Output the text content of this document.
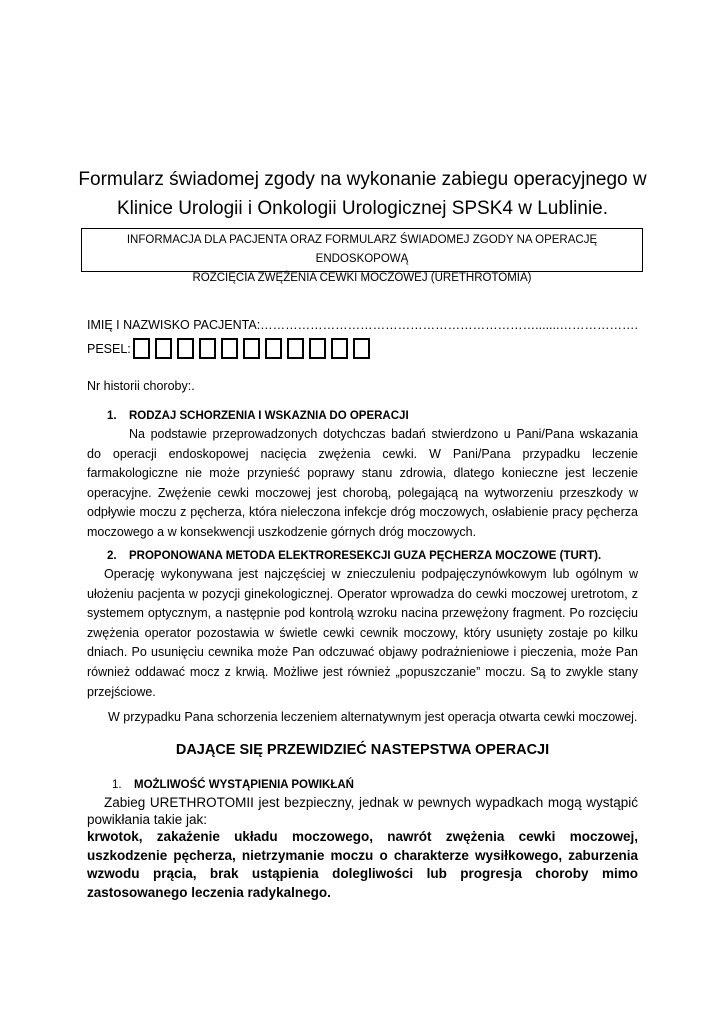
Formularz świadomej zgody na wykonanie zabiegu operacyjnego w
Klinice Urologii i Onkologii Urologicznej SPSK4 w Lublinie.
INFORMACJA DLA PACJENTA ORAZ FORMULARZ ŚWIADOMEJ ZGODY NA OPERACJĘ ENDOSKOPOWĄ
ROZCIĘCIA ZWĘŻENIA CEWKI MOCZOWEJ (URETHROTOMIA)
IMIĘ I NAZWISKO PACJENTA:………………………………………………………….......……………….
PESEL:
Nr historii choroby:.
1. RODZAJ SCHORZENIA I WSKAZNIA DO OPERACJI

Na podstawie przeprowadzonych dotychczas badań stwierdzono u Pani/Pana wskazania do operacji endoskopowej nacięcia zwężenia cewki. W Pani/Pana przypadku leczenie farmakologiczne nie może przynieść poprawy stanu zdrowia, dlatego konieczne jest leczenie operacyjne. Zwężenie cewki moczowej jest chorobą, polegającą na wytworzeniu przeszkody w odpływie moczu z pęcherza, która nieleczona infekcje dróg moczowych, osłabienie pracy pęcherza moczowego a w konsekwencji uszkodzenie górnych dróg moczowych.

2. PROPONOWANA METODA ELEKTRORESEKCJI GUZA PĘCHERZA MOCZOWE (TURT).

Operację wykonywana jest najczęściej w znieczuleniu podpajęczynówkowym lub ogólnym w ułożeniu pacjenta w pozycji ginekologicznej. Operator wprowadza do cewki moczowej uretrotom, z systemem optycznym, a następnie pod kontrolą wzroku nacina przewężony fragment. Po rozcięciu zwężenia operator pozostawia w świetle cewki cewnik moczowy, który usunięty zostaje po kilku dniach. Po usunięciu cewnika może Pan odczuwać objawy podrażnieniowe i pieczenia, może Pan również oddawać mocz z krwią. Możliwe jest również „popuszczanie” moczu. Są to zwykle stany przejściowe.

W przypadku Pana schorzenia leczeniem alternatywnym jest operacja otwarta cewki moczowej.

DAJĄCE SIĘ PRZEWIDZIEĆ NASTEPSTWA OPERACJI
1. MOŻLIWOŚĆ WYSTĄPIENIA POWIKŁAŃ

Zabieg URETHROTOMII jest bezpieczny, jednak w pewnych wypadkach mogą wystąpić powikłania takie jak:

krwotok, zakażenie układu moczowego, nawrót zwężenia cewki moczowej, uszkodzenie pęcherza, nietrzymanie moczu o charakterze wysiłkowego, zaburzenia wzwodu prącia, brak ustąpienia dolegliwości lub progresja choroby mimo zastosowanego leczenia radykalnego.
